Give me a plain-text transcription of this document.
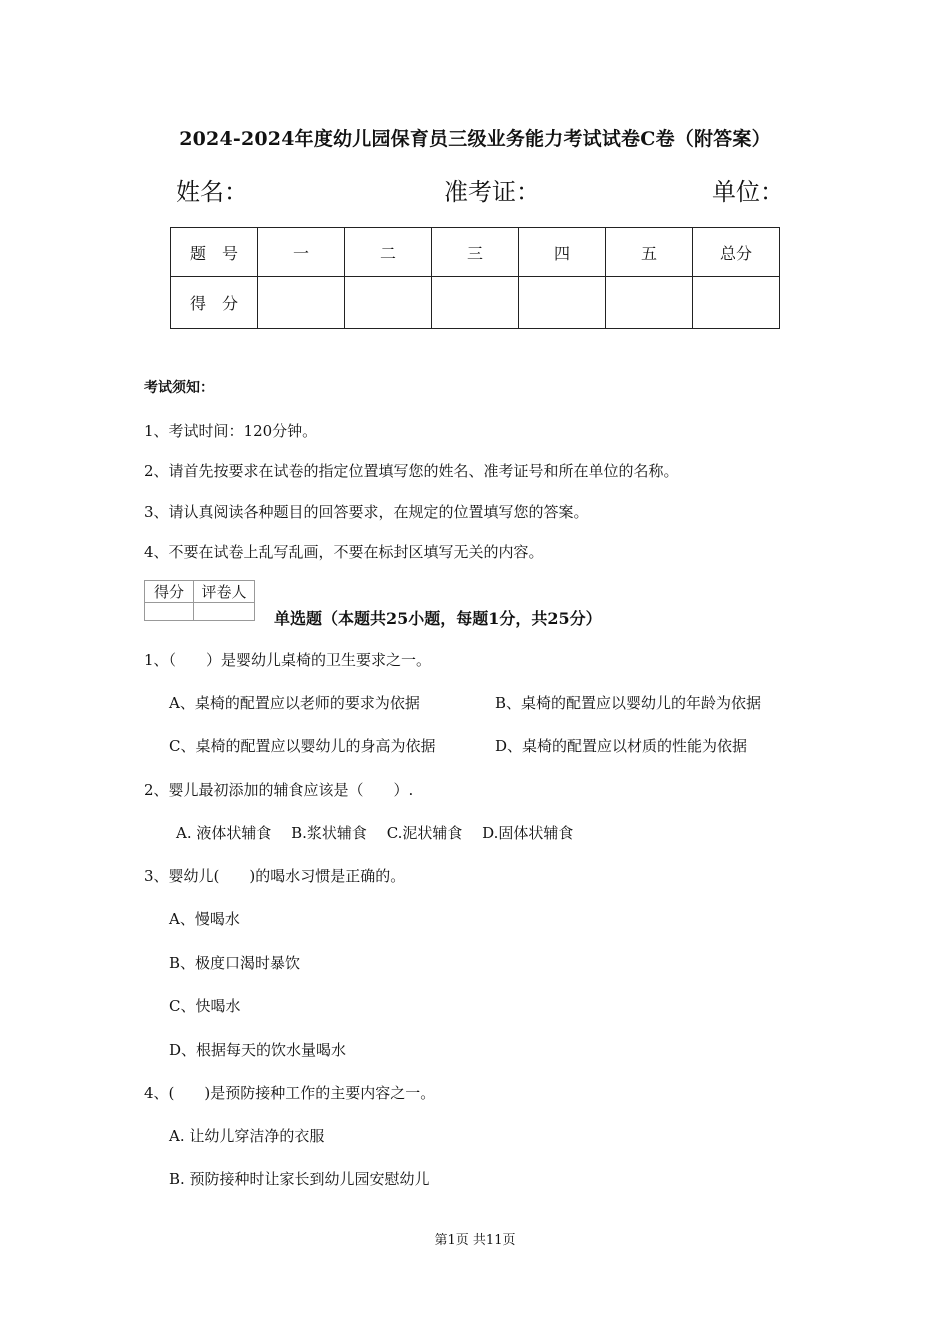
2024-2024年度幼儿园保育员三级业务能力考试试卷C卷（附答案）
姓名：	准考证：	单位：
题　号	一	二	三	四	五	总分
得　分						
考试须知：
1、考试时间：120分钟。
2、请首先按要求在试卷的指定位置填写您的姓名、准考证号和所在单位的名称。
3、请认真阅读各种题目的回答要求，在规定的位置填写您的答案。
4、不要在试卷上乱写乱画，不要在标封区填写无关的内容。
得分	评卷人

单选题（本题共25小题，每题1分，共25分）
1、（　　）是婴幼儿桌椅的卫生要求之一。
A、桌椅的配置应以老师的要求为依据	B、桌椅的配置应以婴幼儿的年龄为依据
C、桌椅的配置应以婴幼儿的身高为依据	D、桌椅的配置应以材质的性能为依据
2、婴儿最初添加的辅食应该是（　　）.
A. 液体状辅食　 B.浆状辅食　 C.泥状辅食　 D.固体状辅食
3、婴幼儿(　　)的喝水习惯是正确的。
A、慢喝水
B、极度口渴时暴饮
C、快喝水
D、根据每天的饮水量喝水
4、(　　)是预防接种工作的主要内容之一。
A. 让幼儿穿洁净的衣服
B. 预防接种时让家长到幼儿园安慰幼儿
第1页 共11页
